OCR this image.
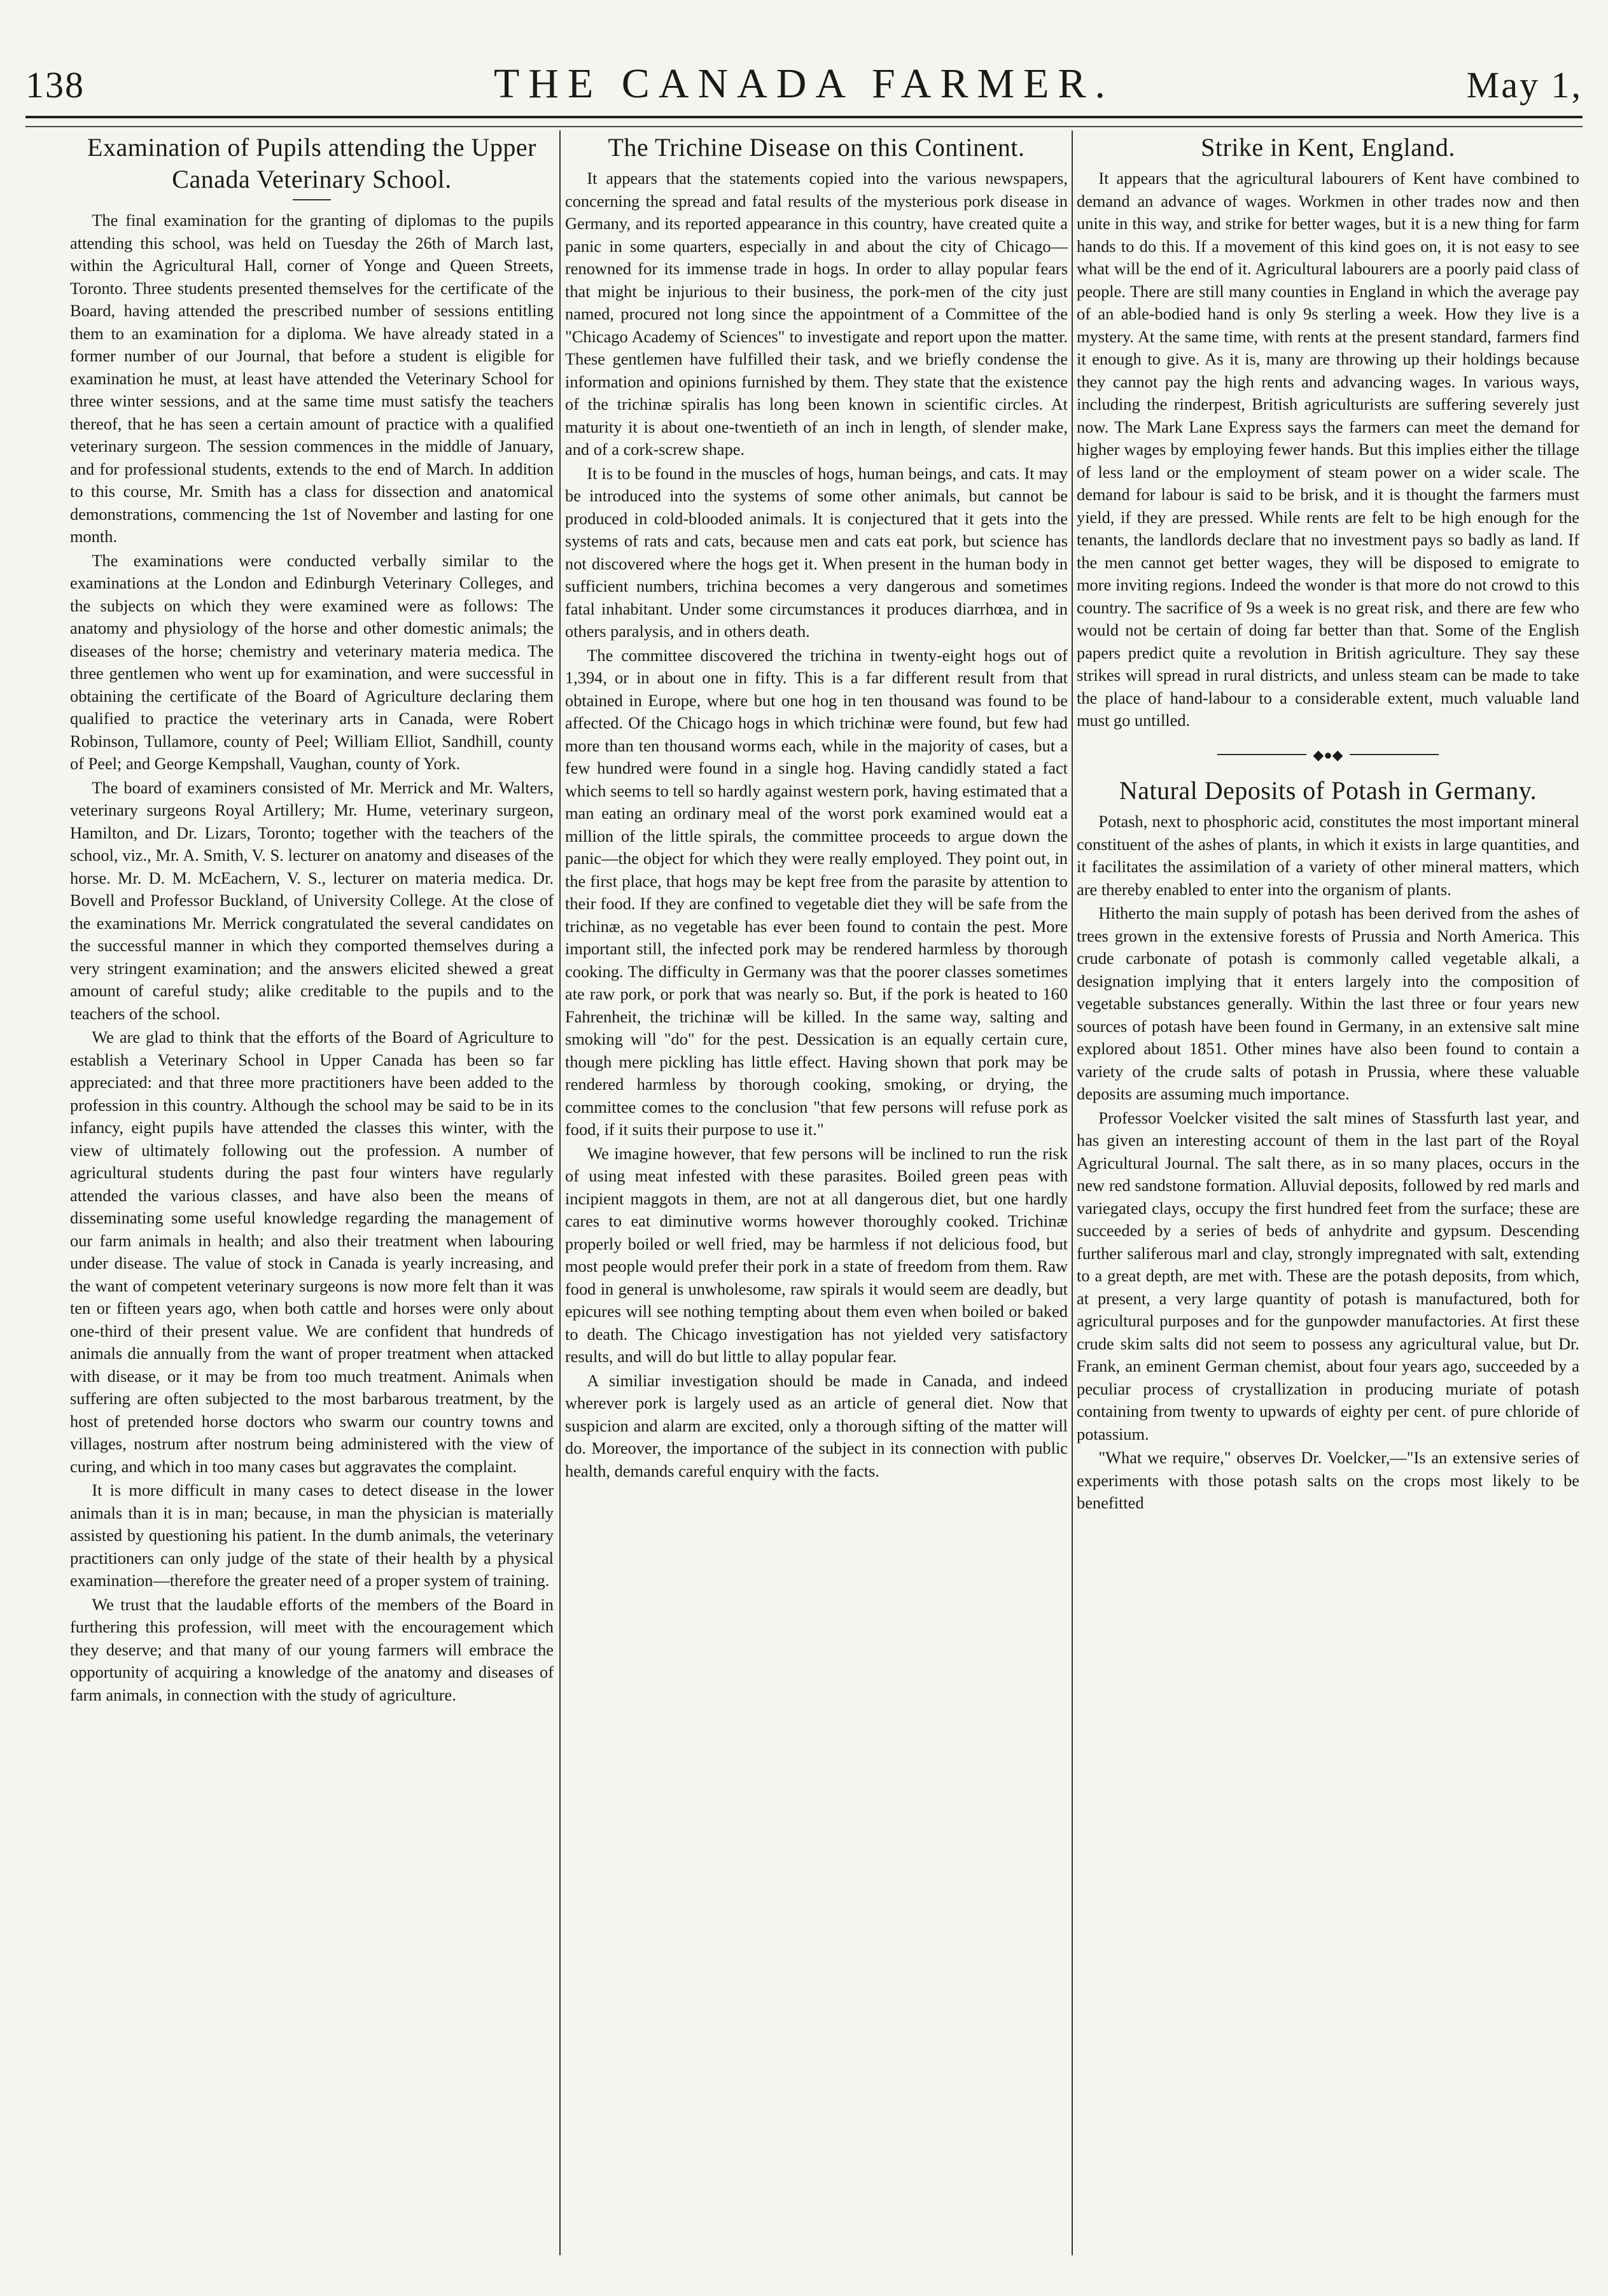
138	THE CANADA FARMER.	May 1,
Examination of Pupils attending the Upper Canada Veterinary School.

The final examination for the granting of diplomas to the pupils attending this school, was held on Tuesday the 26th of March last, within the Agricultural Hall, corner of Yonge and Queen Streets, Toronto. Three students presented themselves for the certificate of the Board, having attended the prescribed number of sessions entitling them to an examination for a diploma. We have already stated in a former number of our Journal, that before a student is eligible for examination he must, at least have attended the Veterinary School for three winter sessions, and at the same time must satisfy the teachers thereof, that he has seen a certain amount of practice with a qualified veterinary surgeon. The session commences in the middle of January, and for professional students, extends to the end of March. In addition to this course, Mr. Smith has a class for dissection and anatomical demonstrations, commencing the 1st of November and lasting for one month.

The examinations were conducted verbally similar to the examinations at the London and Edinburgh Veterinary Colleges, and the subjects on which they were examined were as follows: The anatomy and physiology of the horse and other domestic animals; the diseases of the horse; chemistry and veterinary materia medica. The three gentlemen who went up for examination, and were successful in obtaining the certificate of the Board of Agriculture declaring them qualified to practice the veterinary arts in Canada, were Robert Robinson, Tullamore, county of Peel; William Elliot, Sandhill, county of Peel; and George Kempshall, Vaughan, county of York.

The board of examiners consisted of Mr. Merrick and Mr. Walters, veterinary surgeons Royal Artillery; Mr. Hume, veterinary surgeon, Hamilton, and Dr. Lizars, Toronto; together with the teachers of the school, viz., Mr. A. Smith, V. S. lecturer on anatomy and diseases of the horse. Mr. D. M. McEachern, V. S., lecturer on materia medica. Dr. Bovell and Professor Buckland, of University College. At the close of the examinations Mr. Merrick congratulated the several candidates on the successful manner in which they comported themselves during a very stringent examination; and the answers elicited shewed a great amount of careful study; alike creditable to the pupils and to the teachers of the school.

We are glad to think that the efforts of the Board of Agriculture to establish a Veterinary School in Upper Canada has been so far appreciated: and that three more practitioners have been added to the profession in this country. Although the school may be said to be in its infancy, eight pupils have attended the classes this winter, with the view of ultimately following out the profession. A number of agricultural students during the past four winters have regularly attended the various classes, and have also been the means of disseminating some useful knowledge regarding the management of our farm animals in health; and also their treatment when labouring under disease. The value of stock in Canada is yearly increasing, and the want of competent veterinary surgeons is now more felt than it was ten or fifteen years ago, when both cattle and horses were only about one-third of their present value. We are confident that hundreds of animals die annually from the want of proper treatment when attacked with disease, or it may be from too much treatment. Animals when suffering are often subjected to the most barbarous treatment, by the host of pretended horse doctors who swarm our country towns and villages, nostrum after nostrum being administered with the view of curing, and which in too many cases but aggravates the complaint.

It is more difficult in many cases to detect disease in the lower animals than it is in man; because, in man the physician is materially assisted by questioning his patient. In the dumb animals, the veterinary practitioners can only judge of the state of their health by a physical examination—therefore the greater need of a proper system of training.

We trust that the laudable efforts of the members of the Board in furthering this profession, will meet with the encouragement which they deserve; and that many of our young farmers will embrace the opportunity of acquiring a knowledge of the anatomy and diseases of farm animals, in connection with the study of agriculture.

The Trichine Disease on this Continent.

It appears that the statements copied into the various newspapers, concerning the spread and fatal results of the mysterious pork disease in Germany, and its reported appearance in this country, have created quite a panic in some quarters, especially in and about the city of Chicago—renowned for its immense trade in hogs. In order to allay popular fears that might be injurious to their business, the pork-men of the city just named, procured not long since the appointment of a Committee of the "Chicago Academy of Sciences" to investigate and report upon the matter. These gentlemen have fulfilled their task, and we briefly condense the information and opinions furnished by them. They state that the existence of the trichinæ spiralis has long been known in scientific circles. At maturity it is about one-twentieth of an inch in length, of slender make, and of a cork-screw shape.

It is to be found in the muscles of hogs, human beings, and cats. It may be introduced into the systems of some other animals, but cannot be produced in cold-blooded animals. It is conjectured that it gets into the systems of rats and cats, because men and cats eat pork, but science has not discovered where the hogs get it. When present in the human body in sufficient numbers, trichina becomes a very dangerous and sometimes fatal inhabitant. Under some circumstances it produces diarrhœa, and in others paralysis, and in others death.

The committee discovered the trichina in twenty-eight hogs out of 1,394, or in about one in fifty. This is a far different result from that obtained in Europe, where but one hog in ten thousand was found to be affected. Of the Chicago hogs in which trichinæ were found, but few had more than ten thousand worms each, while in the majority of cases, but a few hundred were found in a single hog. Having candidly stated a fact which seems to tell so hardly against western pork, having estimated that a man eating an ordinary meal of the worst pork examined would eat a million of the little spirals, the committee proceeds to argue down the panic—the object for which they were really employed. They point out, in the first place, that hogs may be kept free from the parasite by attention to their food. If they are confined to vegetable diet they will be safe from the trichinæ, as no vegetable has ever been found to contain the pest. More important still, the infected pork may be rendered harmless by thorough cooking. The difficulty in Germany was that the poorer classes sometimes ate raw pork, or pork that was nearly so. But, if the pork is heated to 160 Fahrenheit, the trichinæ will be killed. In the same way, salting and smoking will "do" for the pest. Dessication is an equally certain cure, though mere pickling has little effect. Having shown that pork may be rendered harmless by thorough cooking, smoking, or drying, the committee comes to the conclusion "that few persons will refuse pork as food, if it suits their purpose to use it."

We imagine however, that few persons will be inclined to run the risk of using meat infested with these parasites. Boiled green peas with incipient maggots in them, are not at all dangerous diet, but one hardly cares to eat diminutive worms however thoroughly cooked. Trichinæ properly boiled or well fried, may be harmless if not delicious food, but most people would prefer their pork in a state of freedom from them. Raw food in general is unwholesome, raw spirals it would seem are deadly, but epicures will see nothing tempting about them even when boiled or baked to death. The Chicago investigation has not yielded very satisfactory results, and will do but little to allay popular fear.

A similiar investigation should be made in Canada, and indeed wherever pork is largely used as an article of general diet. Now that suspicion and alarm are excited, only a thorough sifting of the matter will do. Moreover, the importance of the subject in its connection with public health, demands careful enquiry with the facts.

Strike in Kent, England.

It appears that the agricultural labourers of Kent have combined to demand an advance of wages. Workmen in other trades now and then unite in this way, and strike for better wages, but it is a new thing for farm hands to do this. If a movement of this kind goes on, it is not easy to see what will be the end of it. Agricultural labourers are a poorly paid class of people. There are still many counties in England in which the average pay of an able-bodied hand is only 9s sterling a week. How they live is a mystery. At the same time, with rents at the present standard, farmers find it enough to give. As it is, many are throwing up their holdings because they cannot pay the high rents and advancing wages. In various ways, including the rinderpest, British agriculturists are suffering severely just now. The Mark Lane Express says the farmers can meet the demand for higher wages by employing fewer hands. But this implies either the tillage of less land or the employment of steam power on a wider scale. The demand for labour is said to be brisk, and it is thought the farmers must yield, if they are pressed. While rents are felt to be high enough for the tenants, the landlords declare that no investment pays so badly as land. If the men cannot get better wages, they will be disposed to emigrate to more inviting regions. Indeed the wonder is that more do not crowd to this country. The sacrifice of 9s a week is no great risk, and there are few who would not be certain of doing far better than that. Some of the English papers predict quite a revolution in British agriculture. They say these strikes will spread in rural districts, and unless steam can be made to take the place of hand-labour to a considerable extent, much valuable land must go untilled.

◆●◆
Natural Deposits of Potash in Germany.

Potash, next to phosphoric acid, constitutes the most important mineral constituent of the ashes of plants, in which it exists in large quantities, and it facilitates the assimilation of a variety of other mineral matters, which are thereby enabled to enter into the organism of plants.

Hitherto the main supply of potash has been derived from the ashes of trees grown in the extensive forests of Prussia and North America. This crude carbonate of potash is commonly called vegetable alkali, a designation implying that it enters largely into the composition of vegetable substances generally. Within the last three or four years new sources of potash have been found in Germany, in an extensive salt mine explored about 1851. Other mines have also been found to contain a variety of the crude salts of potash in Prussia, where these valuable deposits are assuming much importance.

Professor Voelcker visited the salt mines of Stassfurth last year, and has given an interesting account of them in the last part of the Royal Agricultural Journal. The salt there, as in so many places, occurs in the new red sandstone formation. Alluvial deposits, followed by red marls and variegated clays, occupy the first hundred feet from the surface; these are succeeded by a series of beds of anhydrite and gypsum. Descending further saliferous marl and clay, strongly impregnated with salt, extending to a great depth, are met with. These are the potash deposits, from which, at present, a very large quantity of potash is manufactured, both for agricultural purposes and for the gunpowder manufactories. At first these crude skim salts did not seem to possess any agricultural value, but Dr. Frank, an eminent German chemist, about four years ago, succeeded by a peculiar process of crystallization in producing muriate of potash containing from twenty to upwards of eighty per cent. of pure chloride of potassium.

"What we require," observes Dr. Voelcker,—"Is an extensive series of experiments with those potash salts on the crops most likely to be benefitted
